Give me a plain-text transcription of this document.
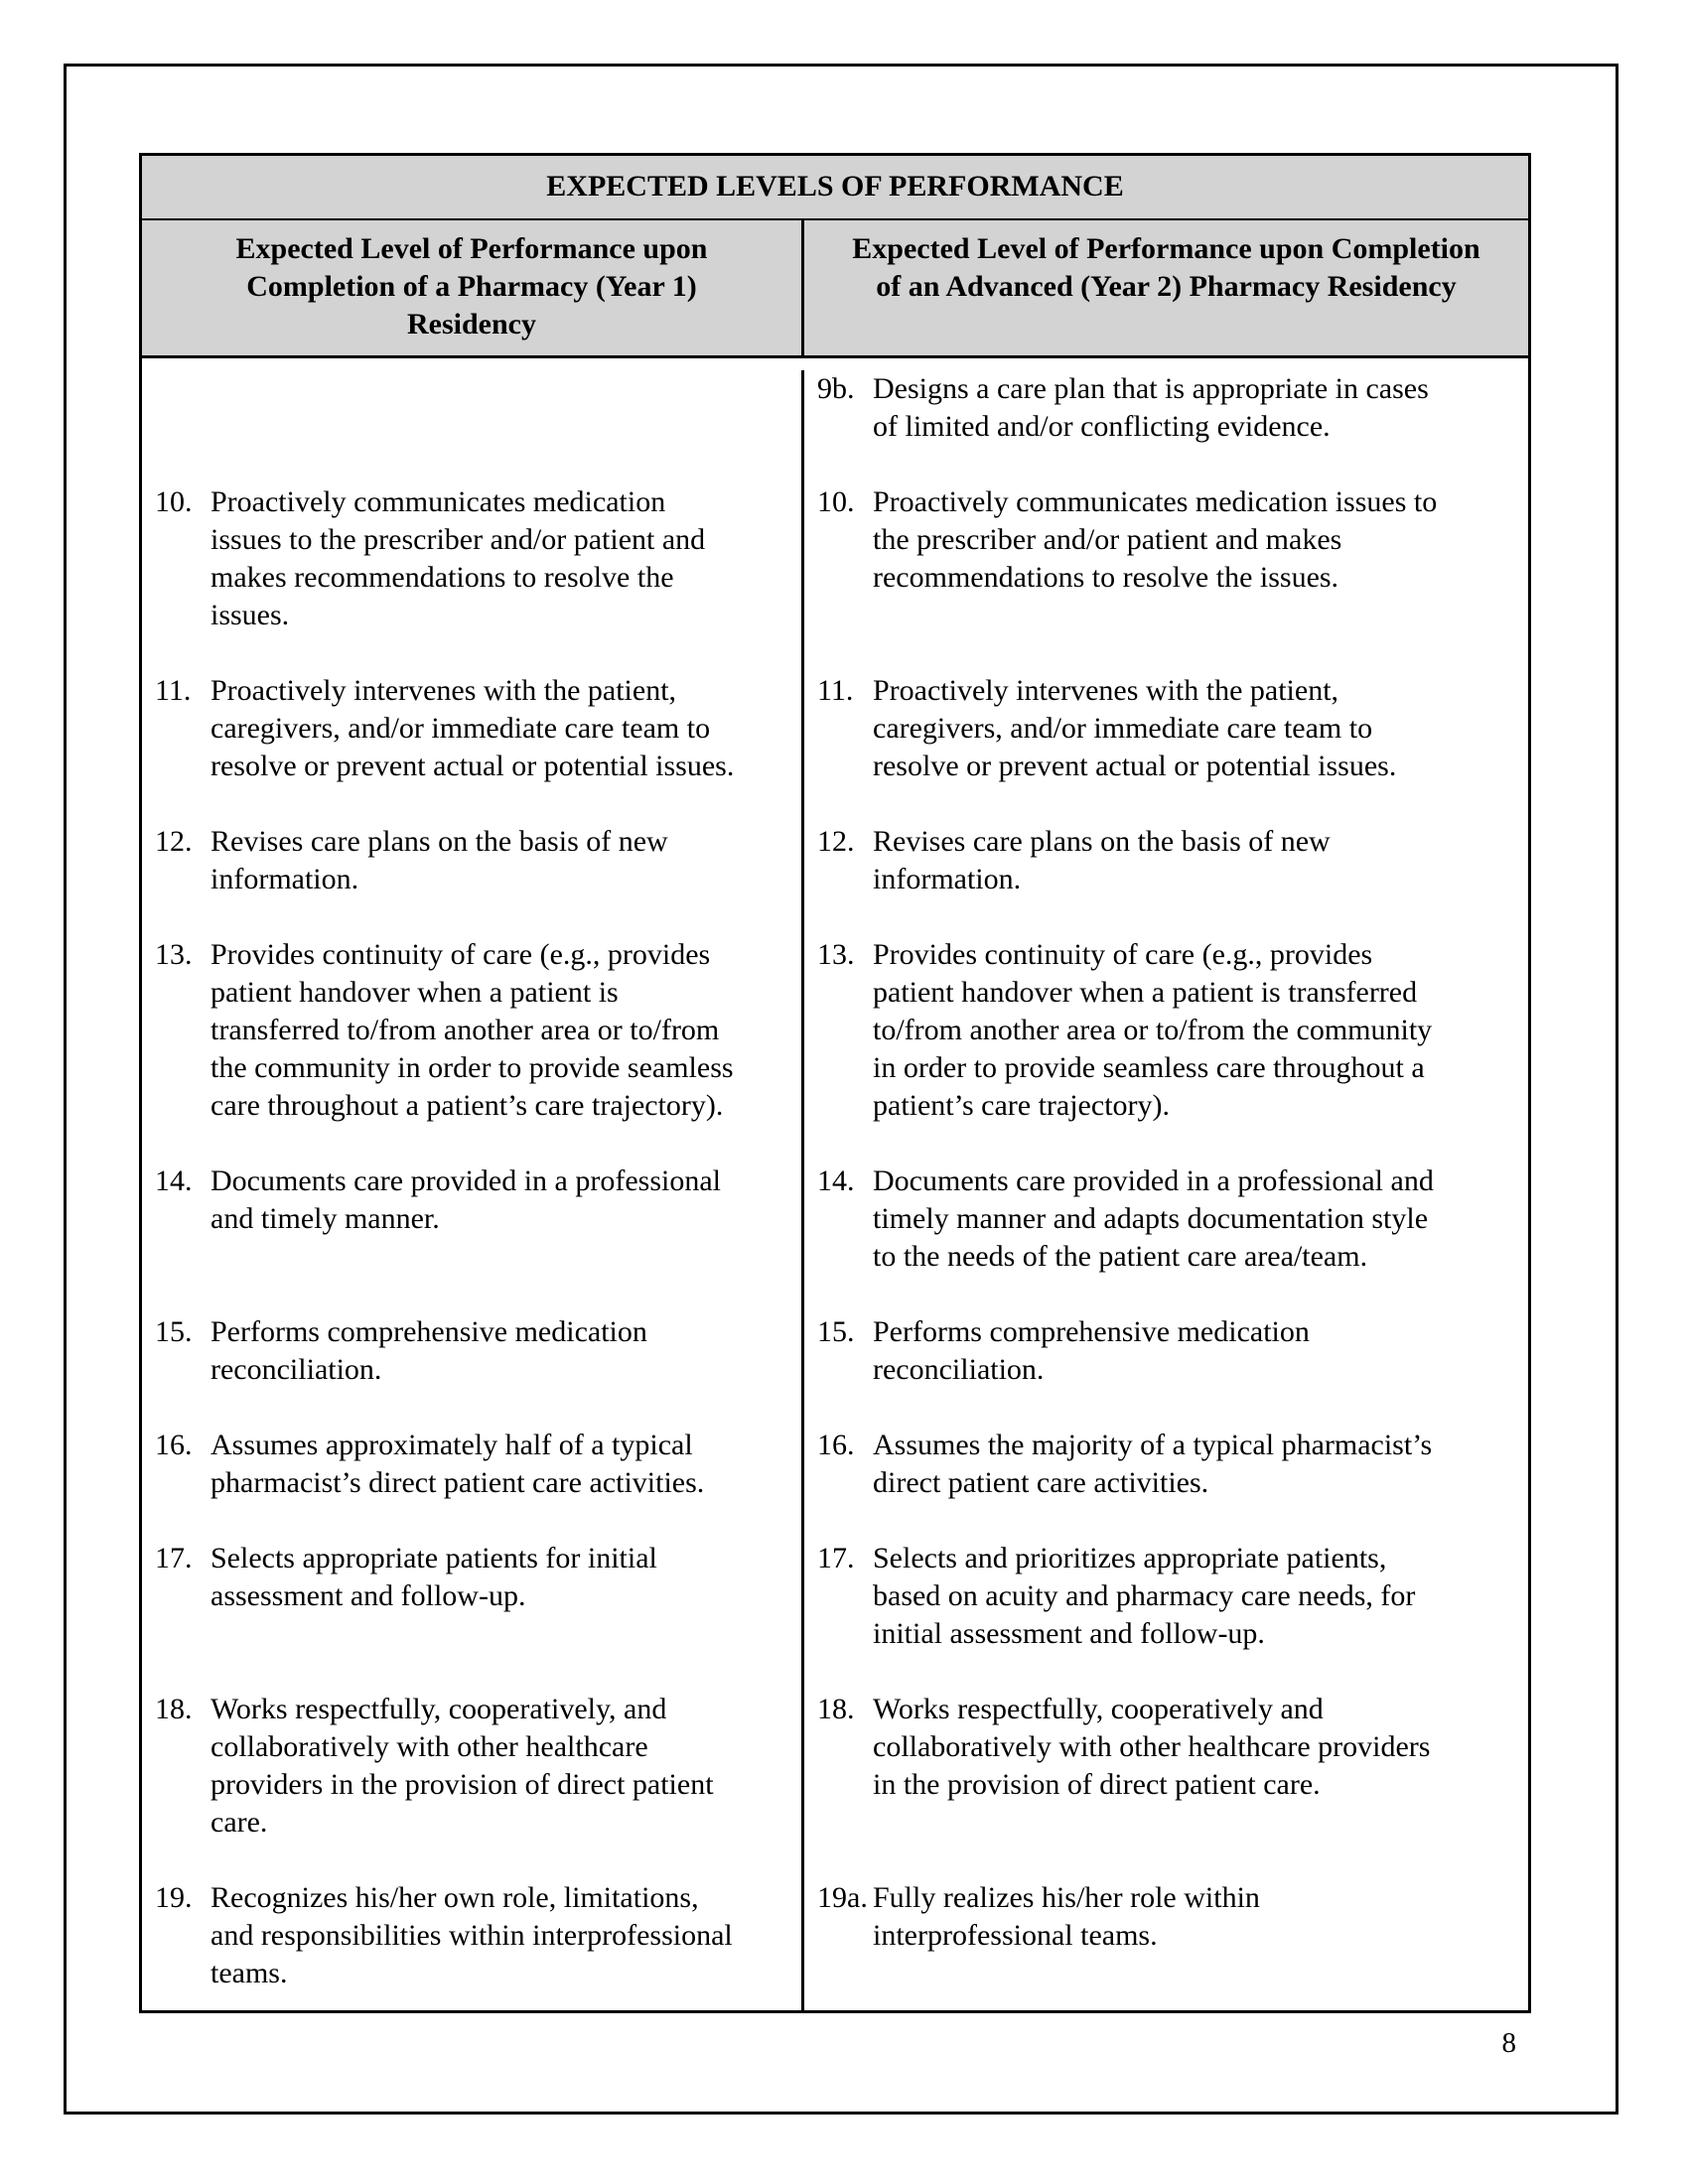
EXPECTED LEVELS OF PERFORMANCE
Expected Level of Performance upon
Completion of a Pharmacy (Year 1)
Residency
Expected Level of Performance upon Completion
of an Advanced (Year 2) Pharmacy Residency
9b. Designs a care plan that is appropriate in cases
of limited and/or conflicting evidence.
10. Proactively communicates medication
issues to the prescriber and/or patient and
makes recommendations to resolve the
issues.
10. Proactively communicates medication issues to
the prescriber and/or patient and makes
recommendations to resolve the issues.
11. Proactively intervenes with the patient,
caregivers, and/or immediate care team to
resolve or prevent actual or potential issues.
11. Proactively intervenes with the patient,
caregivers, and/or immediate care team to
resolve or prevent actual or potential issues.
12. Revises care plans on the basis of new
information.
12. Revises care plans on the basis of new
information.
13. Provides continuity of care (e.g., provides
patient handover when a patient is
transferred to/from another area or to/from
the community in order to provide seamless
care throughout a patient’s care trajectory).
13. Provides continuity of care (e.g., provides
patient handover when a patient is transferred
to/from another area or to/from the community
in order to provide seamless care throughout a
patient’s care trajectory).
14. Documents care provided in a professional
and timely manner.
14. Documents care provided in a professional and
timely manner and adapts documentation style
to the needs of the patient care area/team.
15. Performs comprehensive medication
reconciliation.
15. Performs comprehensive medication
reconciliation.
16. Assumes approximately half of a typical
pharmacist’s direct patient care activities.
16. Assumes the majority of a typical pharmacist’s
direct patient care activities.
17. Selects appropriate patients for initial
assessment and follow-up.
17. Selects and prioritizes appropriate patients,
based on acuity and pharmacy care needs, for
initial assessment and follow-up.
18. Works respectfully, cooperatively, and
collaboratively with other healthcare
providers in the provision of direct patient
care.
18. Works respectfully, cooperatively and
collaboratively with other healthcare providers
in the provision of direct patient care.
19. Recognizes his/her own role, limitations,
and responsibilities within interprofessional
teams.
19a. Fully realizes his/her role within
interprofessional teams.
8
